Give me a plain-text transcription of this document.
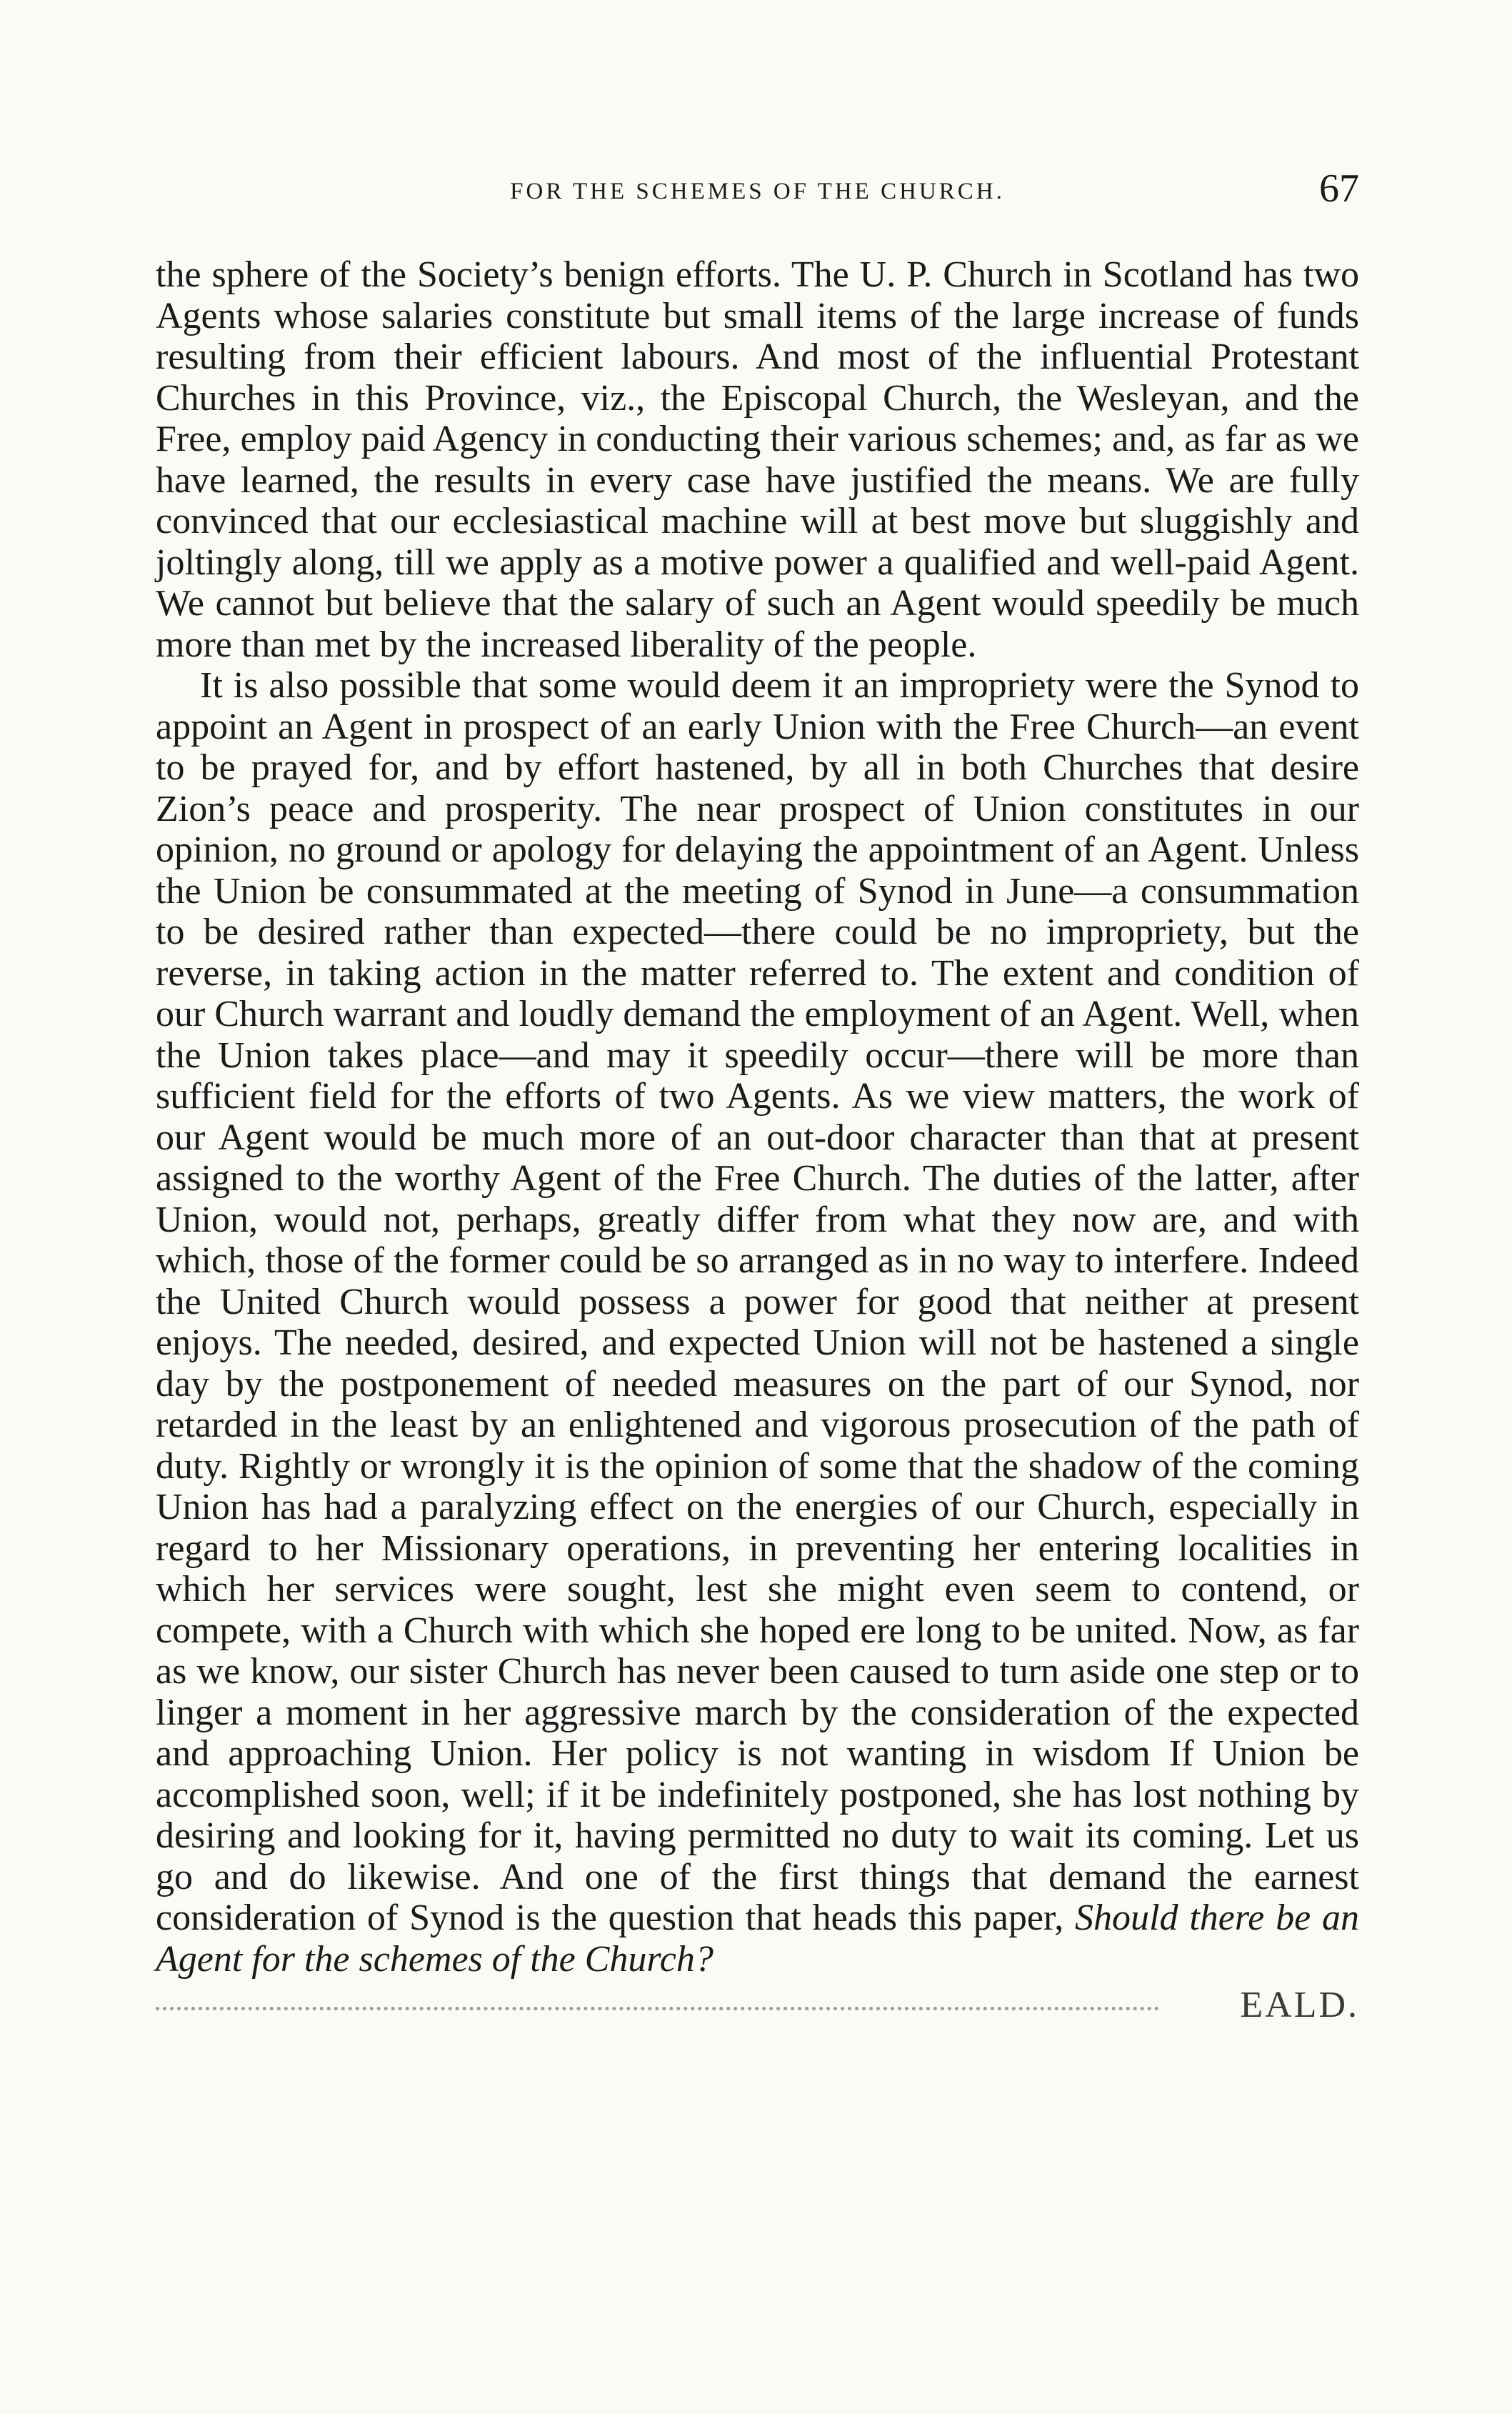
FOR THE SCHEMES OF THE CHURCH.	67

the sphere of the Society’s benign efforts. The U. P. Church in Scotland has two Agents whose salaries constitute but small items of the large increase of funds resulting from their efficient labours. And most of the influential Protestant Churches in this Province, viz., the Episcopal Church, the Wesleyan, and the Free, employ paid Agency in conducting their various schemes; and, as far as we have learned, the results in every case have justified the means. We are fully convinced that our ecclesiastical machine will at best move but sluggishly and joltingly along, till we apply as a motive power a qualified and well-paid Agent. We cannot but believe that the salary of such an Agent would speedily be much more than met by the increased liberality of the people.

It is also possible that some would deem it an impropriety were the Synod to appoint an Agent in prospect of an early Union with the Free Church—an event to be prayed for, and by effort hastened, by all in both Churches that desire Zion’s peace and prosperity. The near prospect of Union constitutes in our opinion, no ground or apology for delaying the appointment of an Agent. Unless the Union be consummated at the meeting of Synod in June—a consummation to be desired rather than expected—there could be no impropriety, but the reverse, in taking action in the matter referred to. The extent and condition of our Church warrant and loudly demand the employment of an Agent. Well, when the Union takes place—and may it speedily occur—there will be more than sufficient field for the efforts of two Agents. As we view matters, the work of our Agent would be much more of an out-door character than that at present assigned to the worthy Agent of the Free Church. The duties of the latter, after Union, would not, perhaps, greatly differ from what they now are, and with which, those of the former could be so arranged as in no way to interfere. Indeed the United Church would possess a power for good that neither at present enjoys. The needed, desired, and expected Union will not be hastened a single day by the postponement of needed measures on the part of our Synod, nor retarded in the least by an enlightened and vigorous prosecution of the path of duty. Rightly or wrongly it is the opinion of some that the shadow of the coming Union has had a paralyzing effect on the energies of our Church, especially in regard to her Missionary operations, in preventing her entering localities in which her services were sought, lest she might even seem to contend, or compete, with a Church with which she hoped ere long to be united. Now, as far as we know, our sister Church has never been caused to turn aside one step or to linger a moment in her aggressive march by the consideration of the expected and approaching Union. Her policy is not wanting in wisdom If Union be accomplished soon, well; if it be indefinitely postponed, she has lost nothing by desiring and looking for it, having permitted no duty to wait its coming. Let us go and do likewise. And one of the first things that demand the earnest consideration of Synod is the question that heads this paper, Should there be an Agent for the schemes of the Church?

EALD.
